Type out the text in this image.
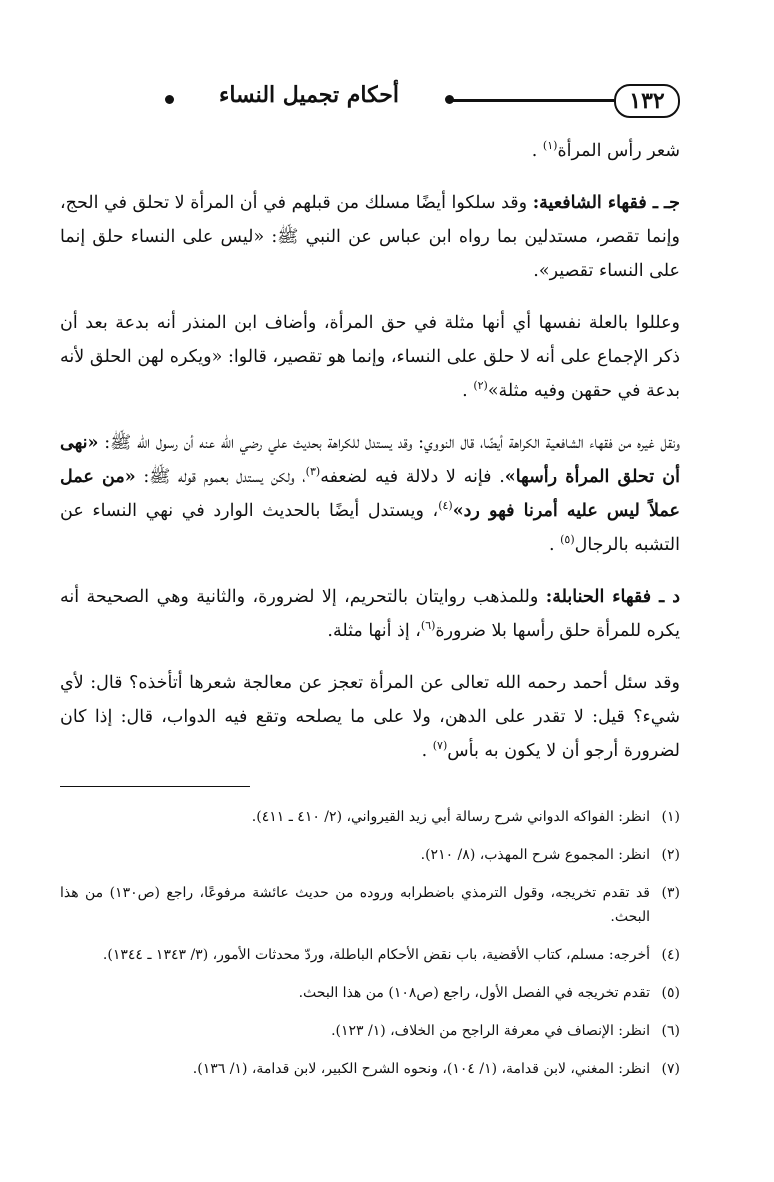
١٣٢
أحكام تجميل النساء

شعر رأس المرأة$^{(١)}$ .

جـ ـ فقهاء الشافعية: وقد سلكوا أيضًا مسلك من قبلهم في أن المرأة لا تحلق في الحج، وإنما تقصر، مستدلين بما رواه ابن عباس عن النبي ﷺ: «ليس على النساء حلق إنما على النساء تقصير».

وعللوا بالعلة نفسها أي أنها مثلة في حق المرأة، وأضاف ابن المنذر أنه بدعة بعد أن ذكر الإجماع على أنه لا حلق على النساء، وإنما هو تقصير، قالوا: «ويكره لهن الحلق لأنه بدعة في حقهن وفيه مثلة»$^{(٢)}$ .

ونقل غيره من فقهاء الشافعية الكراهة أيضًا، قال النووي: وقد يستدل للكراهة بحديث علي رضي الله عنه أن رسول الله ﷺ: «نهى أن تحلق المرأة رأسها». فإنه لا دلالة فيه لضعفه$^{(٣)}$، ولكن يستدل بعموم قوله ﷺ: «من عمل عملاً ليس عليه أمرنا فهو رد»$^{(٤)}$، ويستدل أيضًا بالحديث الوارد في نهي النساء عن التشبه بالرجال$^{(٥)}$ .

د ـ فقهاء الحنابلة: وللمذهب روايتان بالتحريم، إلا لضرورة، والثانية وهي الصحيحة أنه يكره للمرأة حلق رأسها بلا ضرورة$^{(٦)}$، إذ أنها مثلة.

وقد سئل أحمد رحمه الله تعالى عن المرأة تعجز عن معالجة شعرها أتأخذه؟ قال: لأي شيء؟ قيل: لا تقدر على الدهن، ولا على ما يصلحه وتقع فيه الدواب، قال: إذا كان لضرورة أرجو أن لا يكون به بأس$^{(٧)}$ .

(١)
انظر: الفواكه الدواني شرح رسالة أبي زيد القيرواني، (٢/ ٤١٠ ـ ٤١١).
(٢)
انظر: المجموع شرح المهذب، (٨/ ٢١٠).
(٣)
قد تقدم تخريجه، وقول الترمذي باضطرابه وروده من حديث عائشة مرفوعًا، راجع (ص١٣٠) من هذا البحث.
(٤)
أخرجه: مسلم، كتاب الأقضية، باب نقض الأحكام الباطلة، وردّ محدثات الأمور، (٣/ ١٣٤٣ ـ ١٣٤٤).
(٥)
تقدم تخريجه في الفصل الأول، راجع (ص١٠٨) من هذا البحث.
(٦)
انظر: الإنصاف في معرفة الراجح من الخلاف، (١/ ١٢٣).
(٧)
انظر: المغني، لابن قدامة، (١/ ١٠٤)، ونحوه الشرح الكبير، لابن قدامة، (١/ ١٣٦).
